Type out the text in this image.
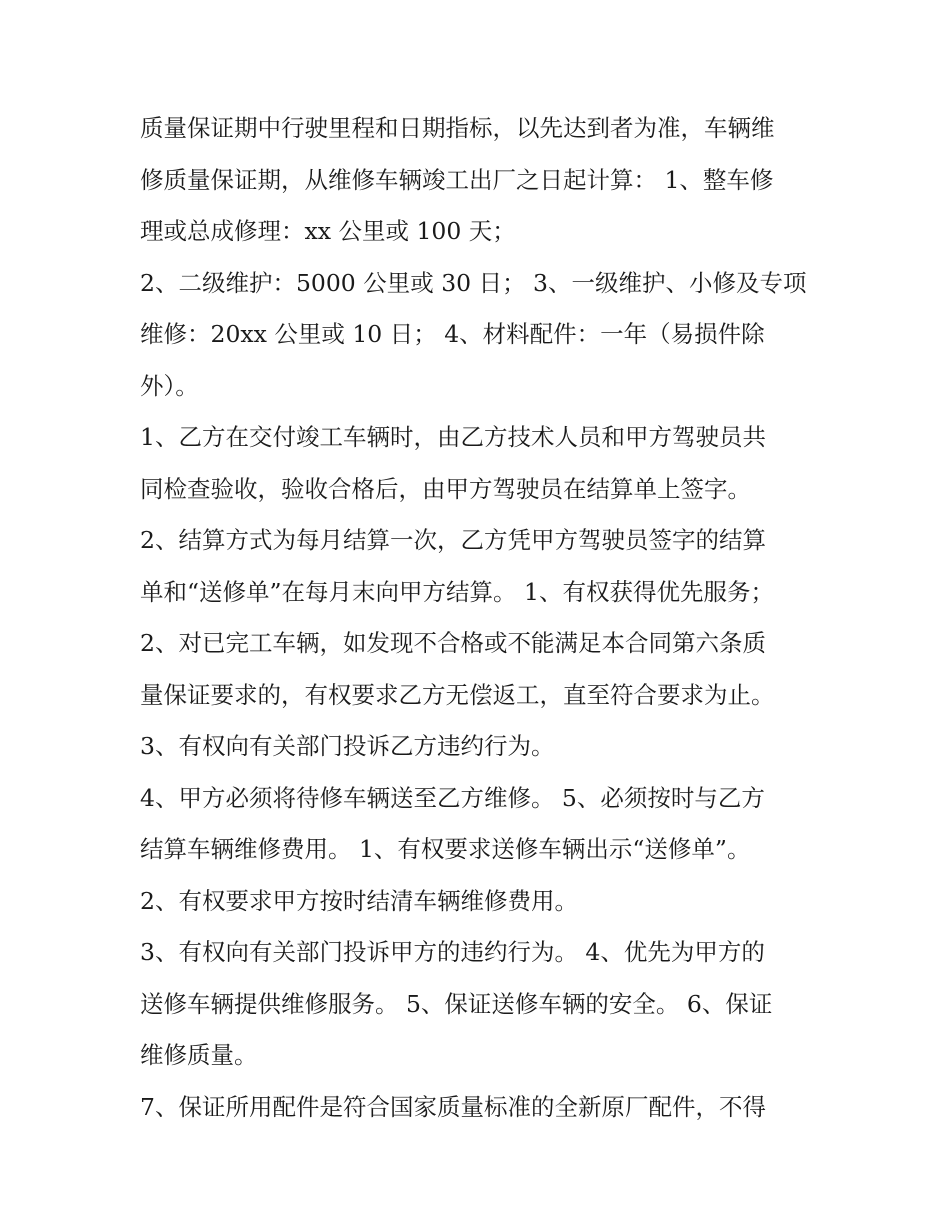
质量保证期中行驶里程和日期指标，以先达到者为准，车辆维
修质量保证期，从维修车辆竣工出厂之日起计算： 1、整车修
理或总成修理：xx 公里或 100 天；
2、二级维护：5000 公里或 30 日； 3、一级维护、小修及专项
维修：20xx 公里或 10 日； 4、材料配件：一年（易损件除
外）。
1、乙方在交付竣工车辆时，由乙方技术人员和甲方驾驶员共
同检查验收，验收合格后，由甲方驾驶员在结算单上签字。
2、结算方式为每月结算一次，乙方凭甲方驾驶员签字的结算
单和“送修单”在每月末向甲方结算。 1、有权获得优先服务；
2、对已完工车辆，如发现不合格或不能满足本合同第六条质
量保证要求的，有权要求乙方无偿返工，直至符合要求为止。
3、有权向有关部门投诉乙方违约行为。
4、甲方必须将待修车辆送至乙方维修。 5、必须按时与乙方
结算车辆维修费用。 1、有权要求送修车辆出示“送修单”。
2、有权要求甲方按时结清车辆维修费用。
3、有权向有关部门投诉甲方的违约行为。 4、优先为甲方的
送修车辆提供维修服务。 5、保证送修车辆的安全。 6、保证
维修质量。
7、保证所用配件是符合国家质量标准的全新原厂配件，不得
